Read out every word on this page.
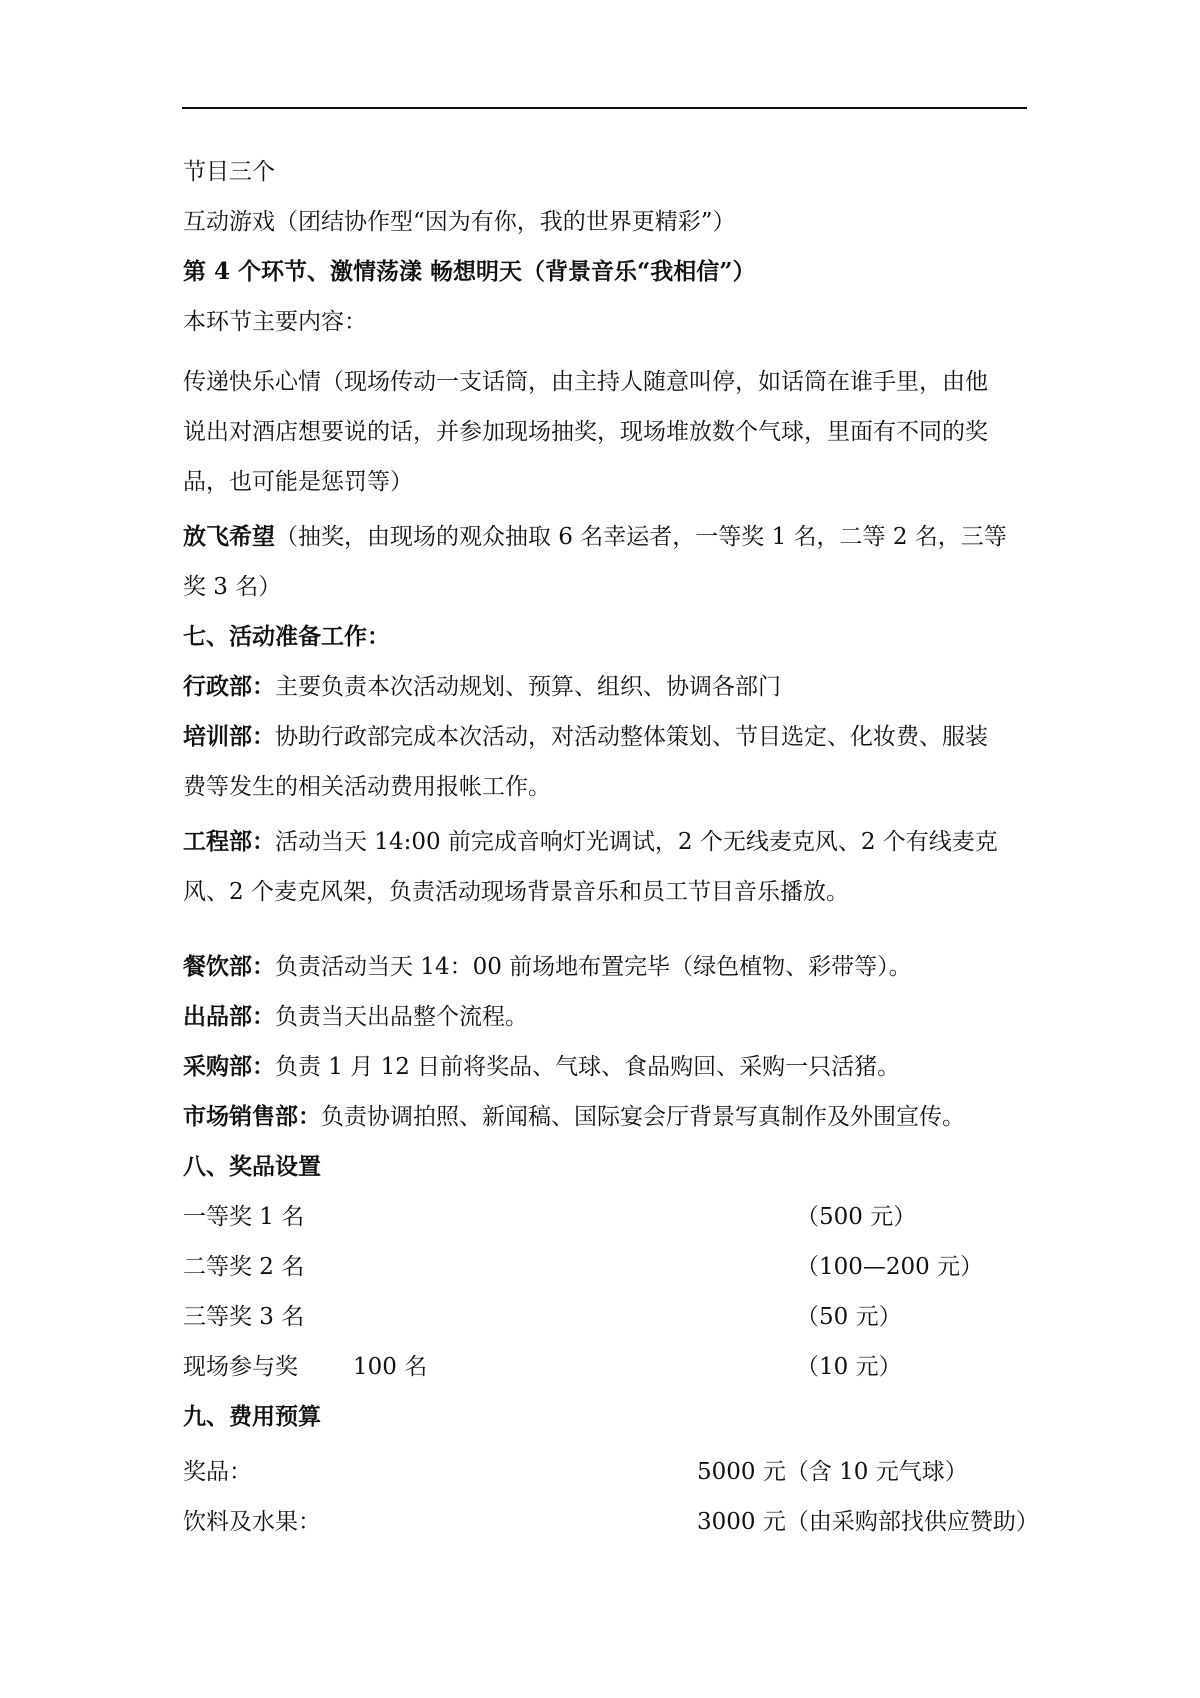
节目三个
互动游戏（团结协作型“因为有你，我的世界更精彩”）
第 4 个环节、激情荡漾 畅想明天（背景音乐“我相信”）
本环节主要内容：
传递快乐心情（现场传动一支话筒，由主持人随意叫停，如话筒在谁手里，由他
说出对酒店想要说的话，并参加现场抽奖，现场堆放数个气球，里面有不同的奖
品，也可能是惩罚等）
放飞希望（抽奖，由现场的观众抽取 6 名幸运者，一等奖 1 名，二等 2 名，三等
奖 3 名）
七、活动准备工作：
行政部：主要负责本次活动规划、预算、组织、协调各部门
培训部：协助行政部完成本次活动，对活动整体策划、节目选定、化妆费、服装
费等发生的相关活动费用报帐工作。
工程部：活动当天 14:00 前完成音响灯光调试，2 个无线麦克风、2 个有线麦克
风、2 个麦克风架，负责活动现场背景音乐和员工节目音乐播放。
餐饮部：负责活动当天 14：00 前场地布置完毕（绿色植物、彩带等）。
出品部：负责当天出品整个流程。
采购部：负责 1 月 12 日前将奖品、气球、食品购回、采购一只活猪。
市场销售部：负责协调拍照、新闻稿、国际宴会厅背景写真制作及外围宣传。
八、奖品设置
一等奖 1 名	（500 元）
二等奖 2 名	（100—200 元）
三等奖 3 名	（50 元）
现场参与奖 100 名	（10 元）
九、费用预算
奖品：	5000 元（含 10 元气球）
饮料及水果：	3000 元（由采购部找供应赞助）
